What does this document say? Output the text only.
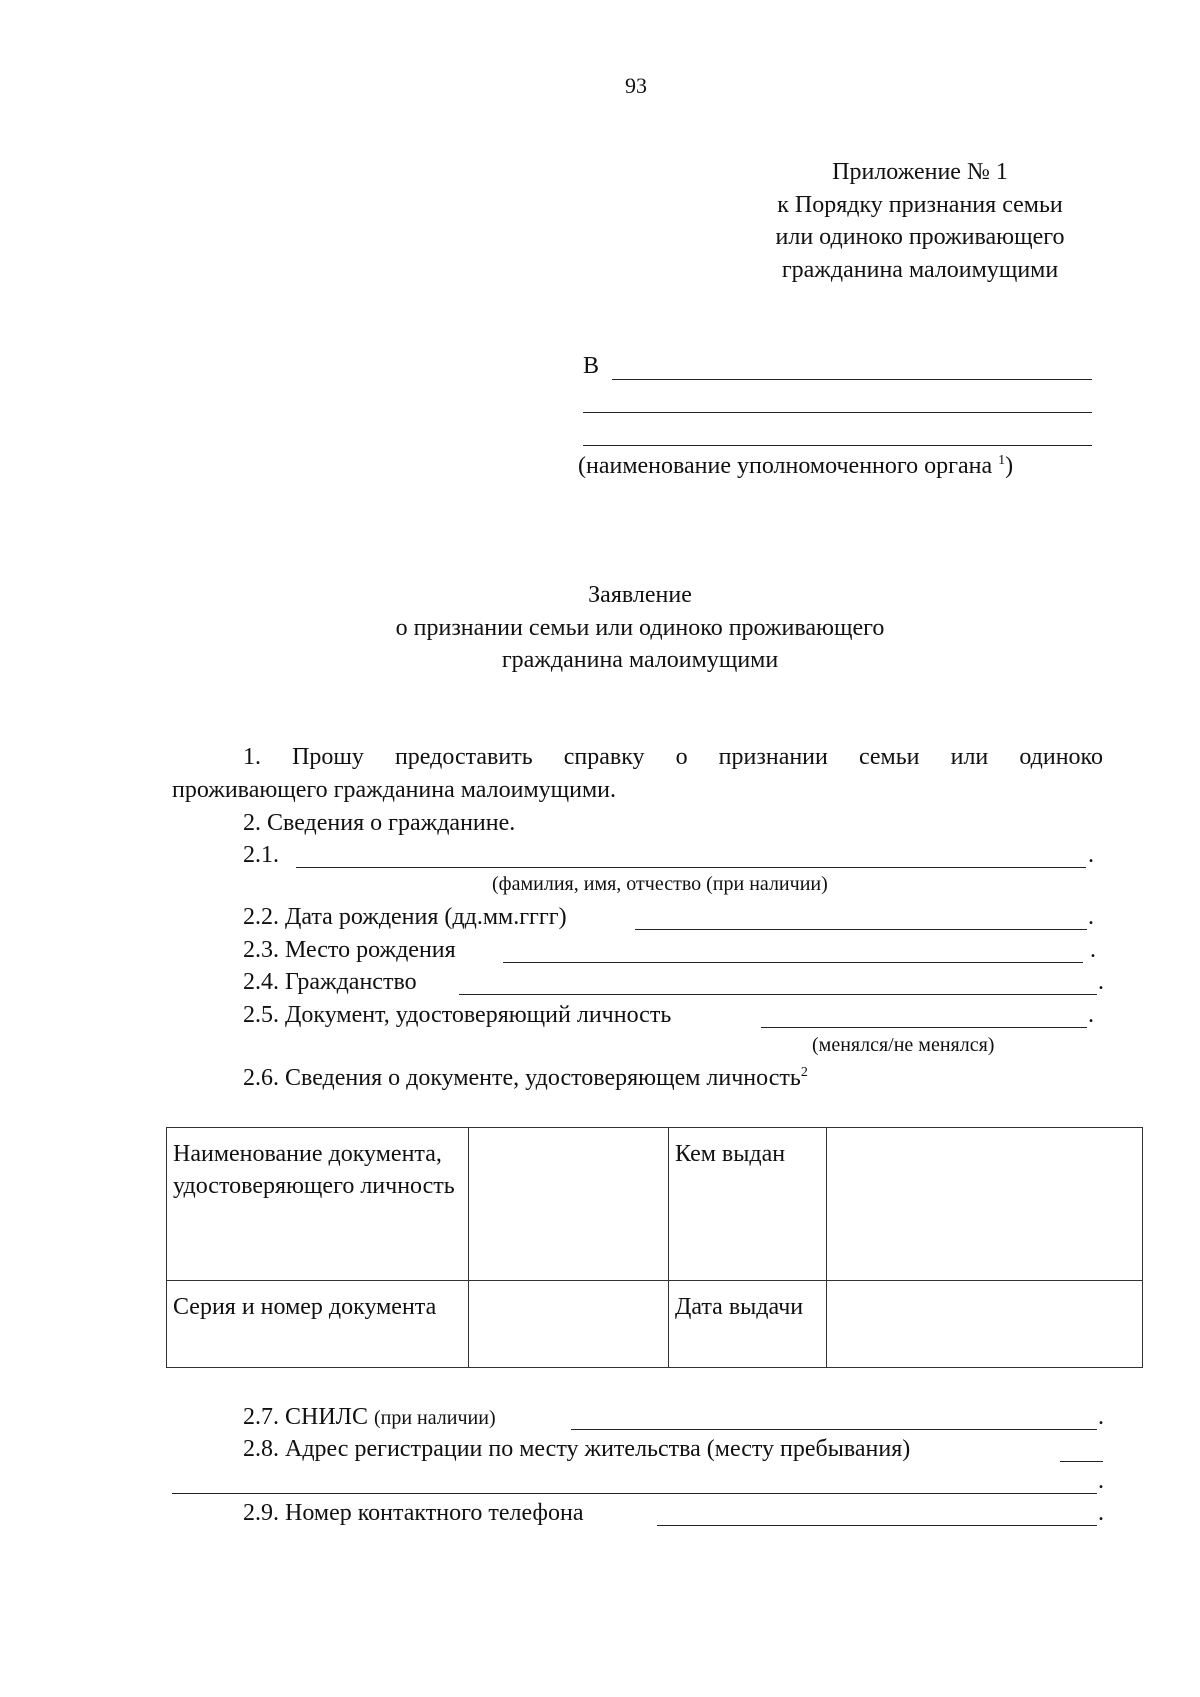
93
Приложение № 1
к Порядку признания семьи
или одиноко проживающего
гражданина малоимущими
В
(наименование уполномоченного органа $^1$)
Заявление
о признании семьи или одиноко проживающего
гражданина малоимущими
1. Прошу предоставить справку о признании семьи или одиноко
проживающего гражданина малоимущими.
2. Сведения о гражданине.
2.1.	.
(фамилия, имя, отчество (при наличии)
2.2. Дата рождения (дд.мм.гггг)	.
2.3. Место рождения	.
2.4. Гражданство	.
2.5. Документ, удостоверяющий личность	.
(менялся/не менялся)
2.6. Сведения о документе, удостоверяющем личность$^2$
Наименование документа, удостоверяющего личность		Кем выдан	
Серия и номер документа		Дата выдачи	
2.7. СНИЛС (при наличии)	.
2.8. Адрес регистрации по месту жительства (месту пребывания)
.
2.9. Номер контактного телефона	.
